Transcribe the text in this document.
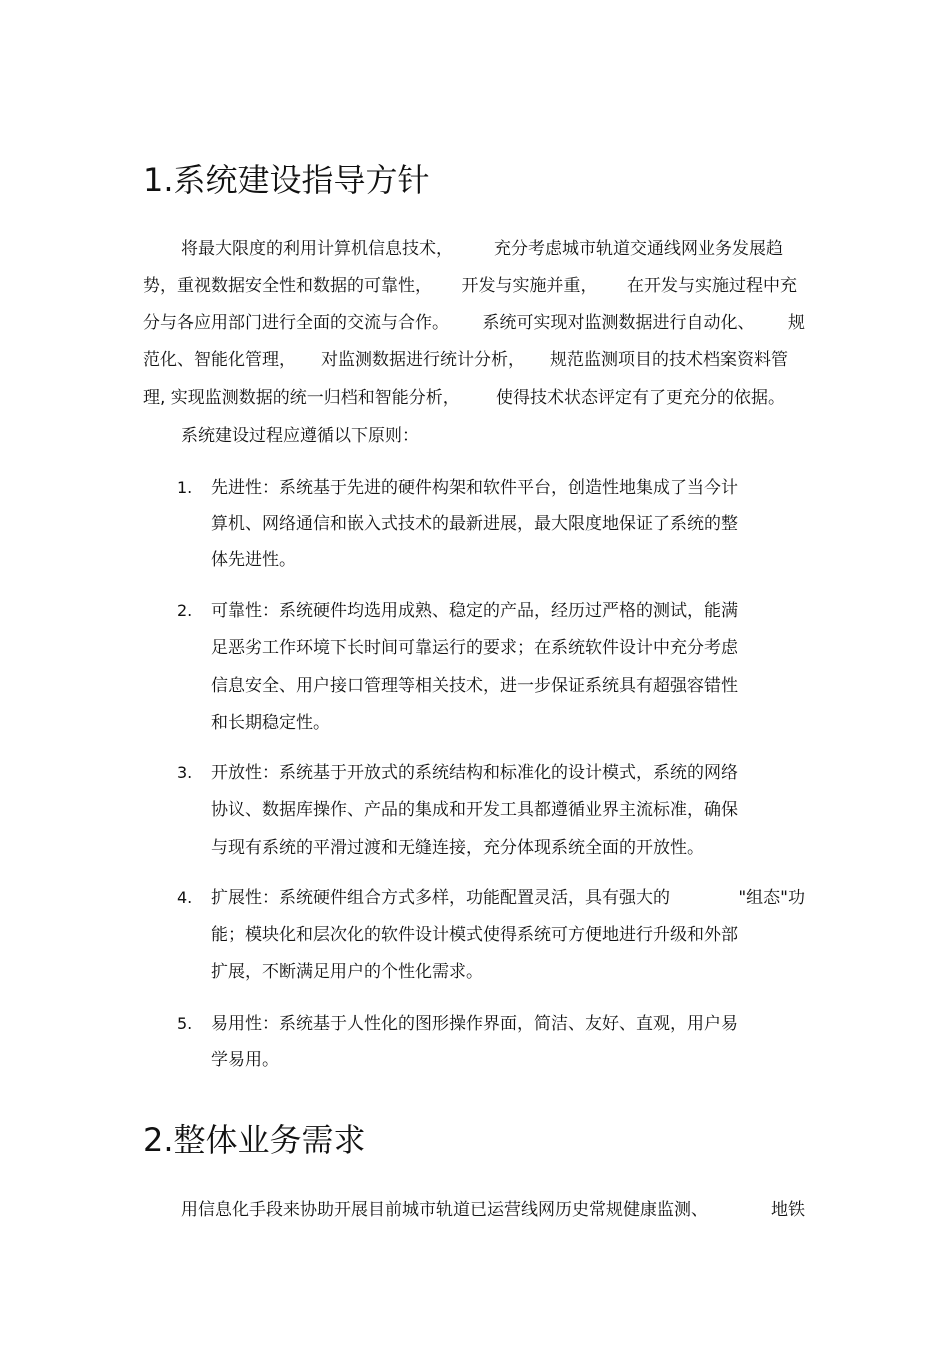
1.系统建设指导方针
将最大限度的利用计算机信息技术， 充分考虑城市轨道交通线网业务发展趋
势，重视数据安全性和数据的可靠性， 开发与实施并重， 在开发与实施过程中充
分与各应用部门进行全面的交流与合作。 系统可实现对监测数据进行自动化、 规
范化、智能化管理， 对监测数据进行统计分析， 规范监测项目的技术档案资料管
理, 实现监测数据的统一归档和智能分析， 使得技术状态评定有了更充分的依据。
系统建设过程应遵循以下原则：
1. 先进性：系统基于先进的硬件构架和软件平台，创造性地集成了当今计
算机、网络通信和嵌入式技术的最新进展，最大限度地保证了系统的整
体先进性。
2. 可靠性：系统硬件均选用成熟、稳定的产品，经历过严格的测试，能满
足恶劣工作环境下长时间可靠运行的要求；在系统软件设计中充分考虑
信息安全、用户接口管理等相关技术，进一步保证系统具有超强容错性
和长期稳定性。
3. 开放性：系统基于开放式的系统结构和标准化的设计模式，系统的网络
协议、数据库操作、产品的集成和开发工具都遵循业界主流标准，确保
与现有系统的平滑过渡和无缝连接，充分体现系统全面的开放性。
4. 扩展性：系统硬件组合方式多样，功能配置灵活，具有强大的	"组态"功
能；模块化和层次化的软件设计模式使得系统可方便地进行升级和外部
扩展，不断满足用户的个性化需求。
5. 易用性：系统基于人性化的图形操作界面，简洁、友好、直观，用户易
学易用。
2.整体业务需求
用信息化手段来协助开展目前城市轨道已运营线网历史常规健康监测、	地铁
